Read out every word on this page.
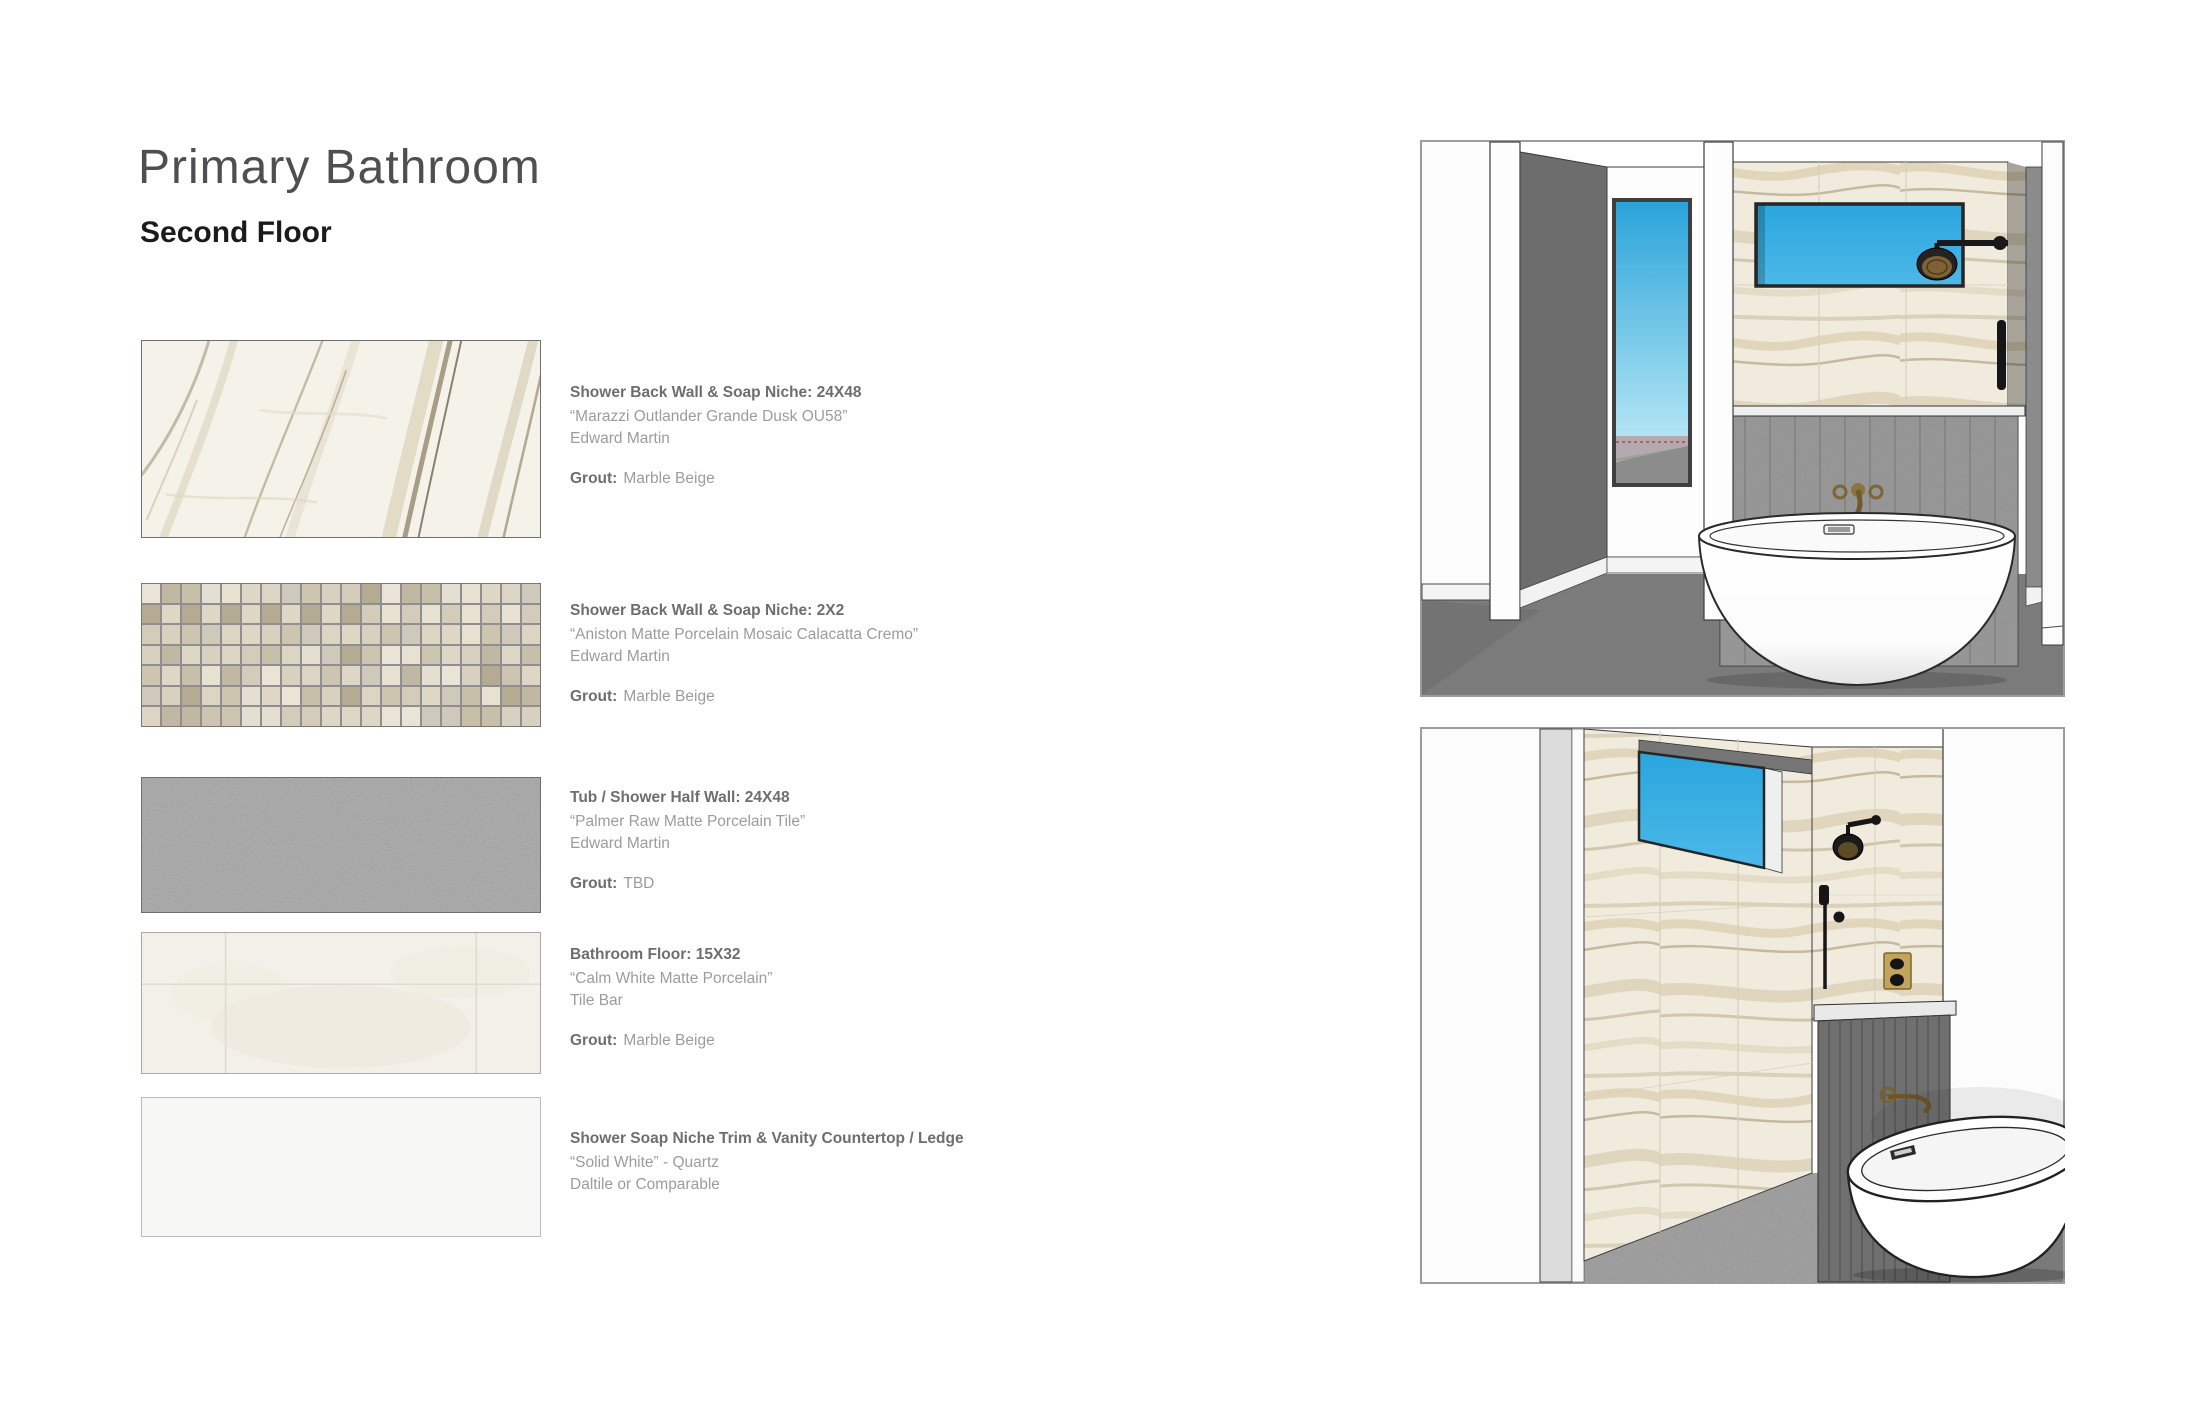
Primary Bathroom
Second Floor
Shower Back Wall & Soap Niche: 24X48
“Marazzi Outlander Grande Dusk OU58”
Edward Martin
Grout: Marble Beige
Shower Back Wall & Soap Niche: 2X2
“Aniston Matte Porcelain Mosaic Calacatta Cremo”
Edward Martin
Grout: Marble Beige
Tub / Shower Half Wall: 24X48
“Palmer Raw Matte Porcelain Tile”
Edward Martin
Grout: TBD
Bathroom Floor: 15X32
“Calm White Matte Porcelain”
Tile Bar
Grout: Marble Beige
Shower Soap Niche Trim & Vanity Countertop / Ledge
“Solid White” - Quartz
Daltile or Comparable
